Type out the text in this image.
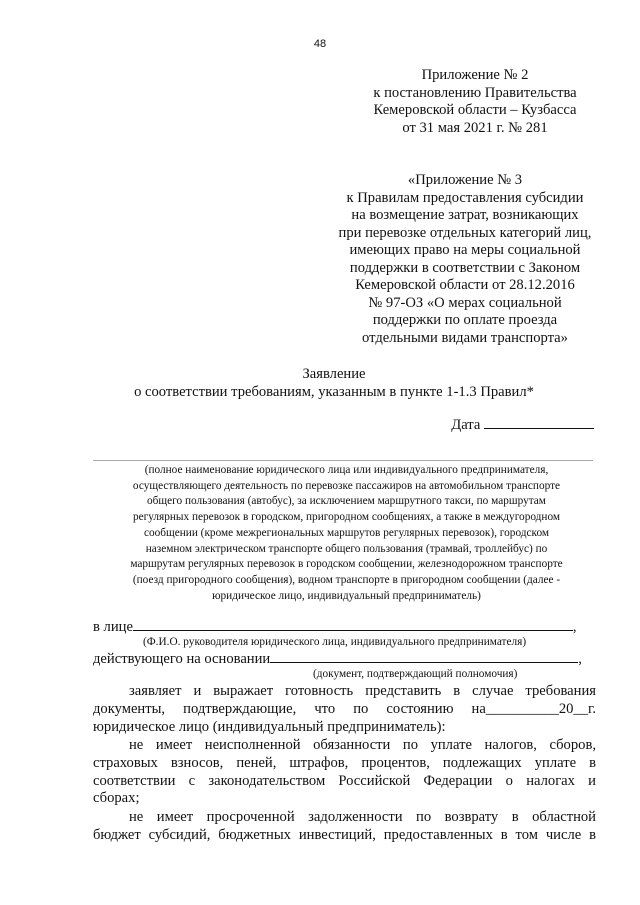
48
Приложение № 2
к постановлению Правительства
Кемеровской области – Кузбасса
от 31 мая 2021 г. № 281
«Приложение № 3
к Правилам предоставления субсидии
на возмещение затрат, возникающих
при перевозке отдельных категорий лиц,
имеющих право на меры социальной
поддержки в соответствии с Законом
Кемеровской области от 28.12.2016
№ 97-ОЗ «О мерах социальной
поддержки по оплате проезда
отдельными видами транспорта»
Заявление
о соответствии требованиям, указанным в пункте 1-1.3 Правил*
Дата
(полное наименование юридического лица или индивидуального предпринимателя,
осуществляющего деятельность по перевозке пассажиров на автомобильном транспорте
общего пользования (автобус), за исключением маршрутного такси, по маршрутам
регулярных перевозок в городском, пригородном сообщениях, а также в междугородном
сообщении (кроме межрегиональных маршрутов регулярных перевозок), городском
наземном электрическом транспорте общего пользования (трамвай, троллейбус) по
маршрутам регулярных перевозок в городском сообщении, железнодорожном транспорте
(поезд пригородного сообщения), водном транспорте в пригородном сообщении (далее -
юридическое лицо, индивидуальный предприниматель)
в лице	,
(Ф.И.О. руководителя юридического лица, индивидуального предпринимателя)
действующего на основании	,
(документ, подтверждающий полномочия)
заявляет и выражает готовность представить в случае требования
документы, подтверждающие, что по состоянию на__________20__г.
юридическое лицо (индивидуальный предприниматель):
не имеет неисполненной обязанности по уплате налогов, сборов,
страховых взносов, пеней, штрафов, процентов, подлежащих уплате в
соответствии с законодательством Российской Федерации о налогах и
сборах;
не имеет просроченной задолженности по возврату в областной
бюджет субсидий, бюджетных инвестиций, предоставленных в том числе в
